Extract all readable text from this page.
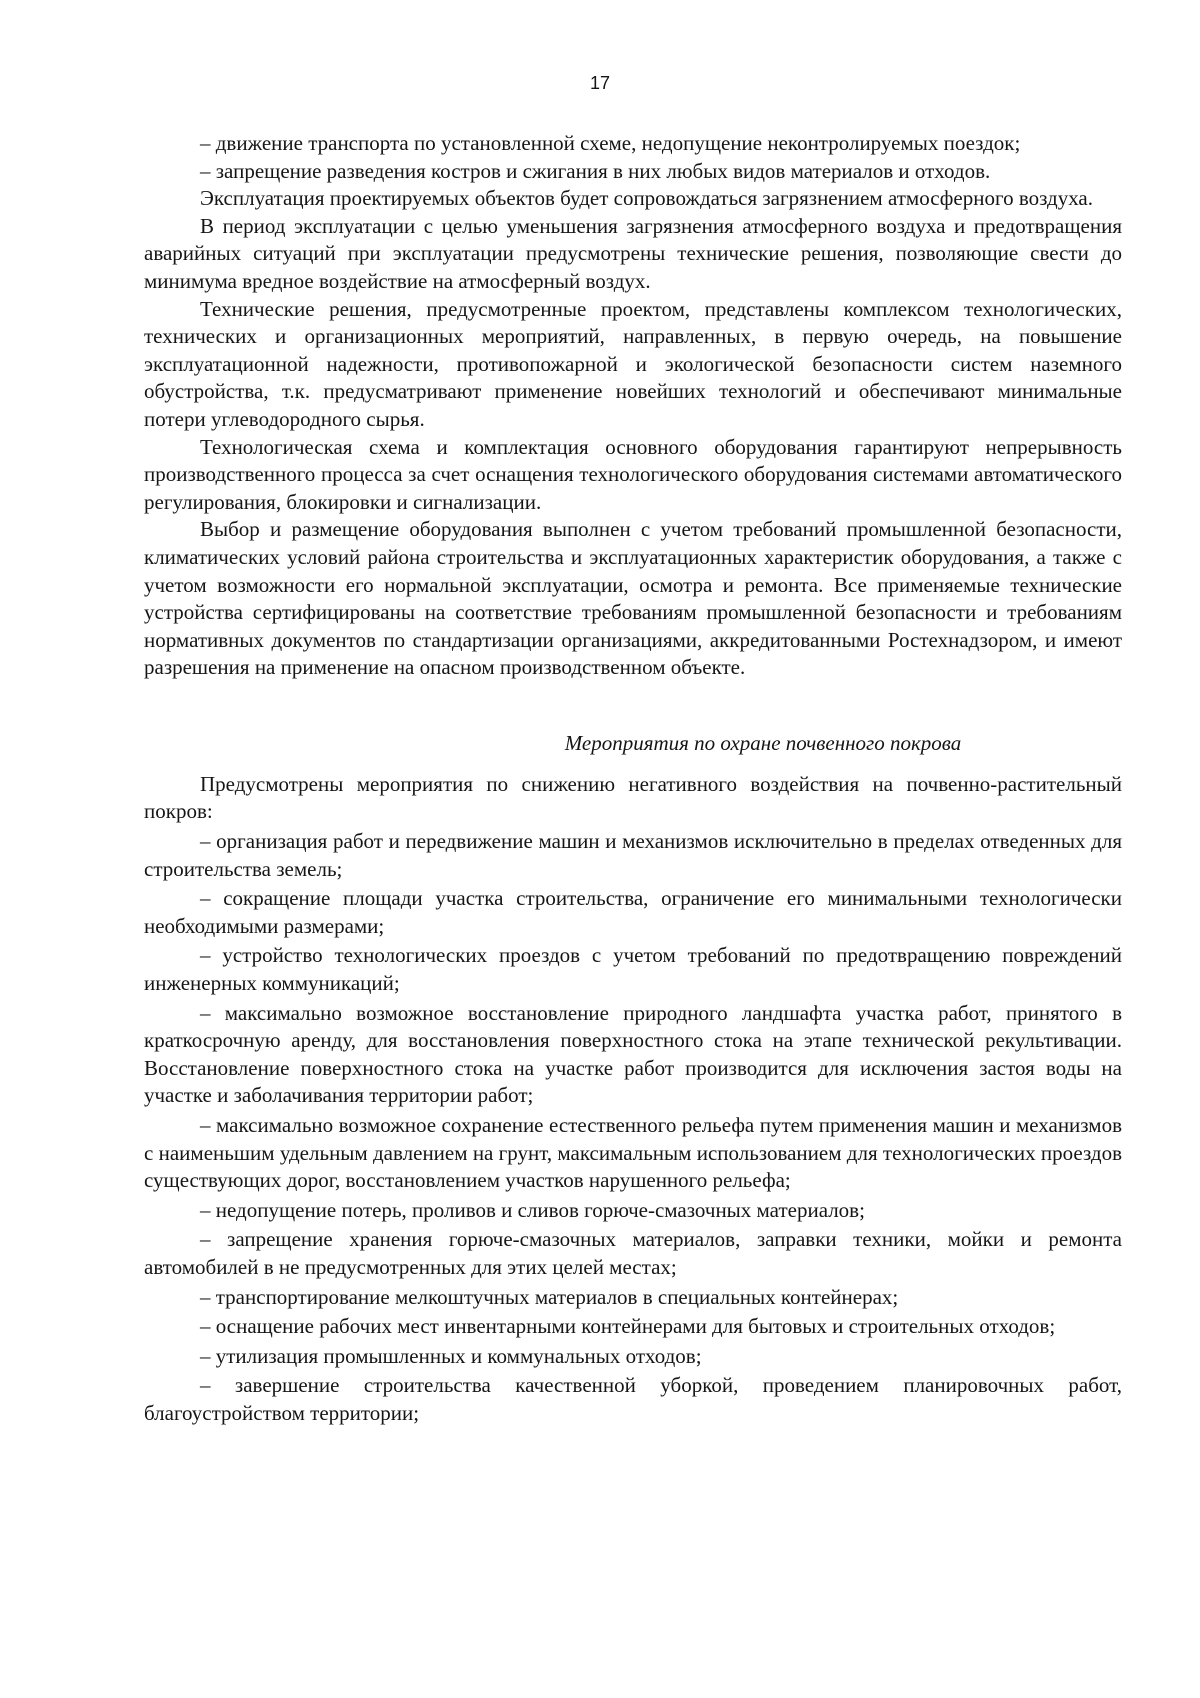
17

– движение транспорта по установленной схеме, недопущение неконтролируемых поездок;

– запрещение разведения костров и сжигания в них любых видов материалов и отходов.

Эксплуатация проектируемых объектов будет сопровождаться загрязнением атмосферного воздуха.

В период эксплуатации с целью уменьшения загрязнения атмосферного воздуха и предотвращения аварийных ситуаций при эксплуатации предусмотрены технические решения, позволяющие свести до минимума вредное воздействие на атмосферный воздух.

Технические решения, предусмотренные проектом, представлены комплексом технологических, технических и организационных мероприятий, направленных, в первую очередь, на повышение эксплуатационной надежности, противопожарной и экологической безопасности систем наземного обустройства, т.к. предусматривают применение новейших технологий и обеспечивают минимальные потери углеводородного сырья.

Технологическая схема и комплектация основного оборудования гарантируют непрерывность производственного процесса за счет оснащения технологического оборудования системами автоматического регулирования, блокировки и сигнализации.

Выбор и размещение оборудования выполнен с учетом требований промышленной безопасности, климатических условий района строительства и эксплуатационных характеристик оборудования, а также с учетом возможности его нормальной эксплуатации, осмотра и ремонта. Все применяемые технические устройства сертифицированы на соответствие требованиям промышленной безопасности и требованиям нормативных документов по стандартизации организациями, аккредитованными Ростехнадзором, и имеют разрешения на применение на опасном производственном объекте.

Мероприятия по охране почвенного покрова

Предусмотрены мероприятия по снижению негативного воздействия на почвенно-растительный покров:

– организация работ и передвижение машин и механизмов исключительно в пределах отведенных для строительства земель;

– сокращение площади участка строительства, ограничение его минимальными технологически необходимыми размерами;

– устройство технологических проездов с учетом требований по предотвращению повреждений инженерных коммуникаций;

– максимально возможное восстановление природного ландшафта участка работ, принятого в краткосрочную аренду, для восстановления поверхностного стока на этапе технической рекультивации. Восстановление поверхностного стока на участке работ производится для исключения застоя воды на участке и заболачивания территории работ;

– максимально возможное сохранение естественного рельефа путем применения машин и механизмов с наименьшим удельным давлением на грунт, максимальным использованием для технологических проездов существующих дорог, восстановлением участков нарушенного рельефа;

– недопущение потерь, проливов и сливов горюче-смазочных материалов;

– запрещение хранения горюче-смазочных материалов, заправки техники, мойки и ремонта автомобилей в не предусмотренных для этих целей местах;

– транспортирование мелкоштучных материалов в специальных контейнерах;

– оснащение рабочих мест инвентарными контейнерами для бытовых и строительных отходов;

– утилизация промышленных и коммунальных отходов;

– завершение строительства качественной уборкой, проведением планировочных работ, благоустройством территории;
